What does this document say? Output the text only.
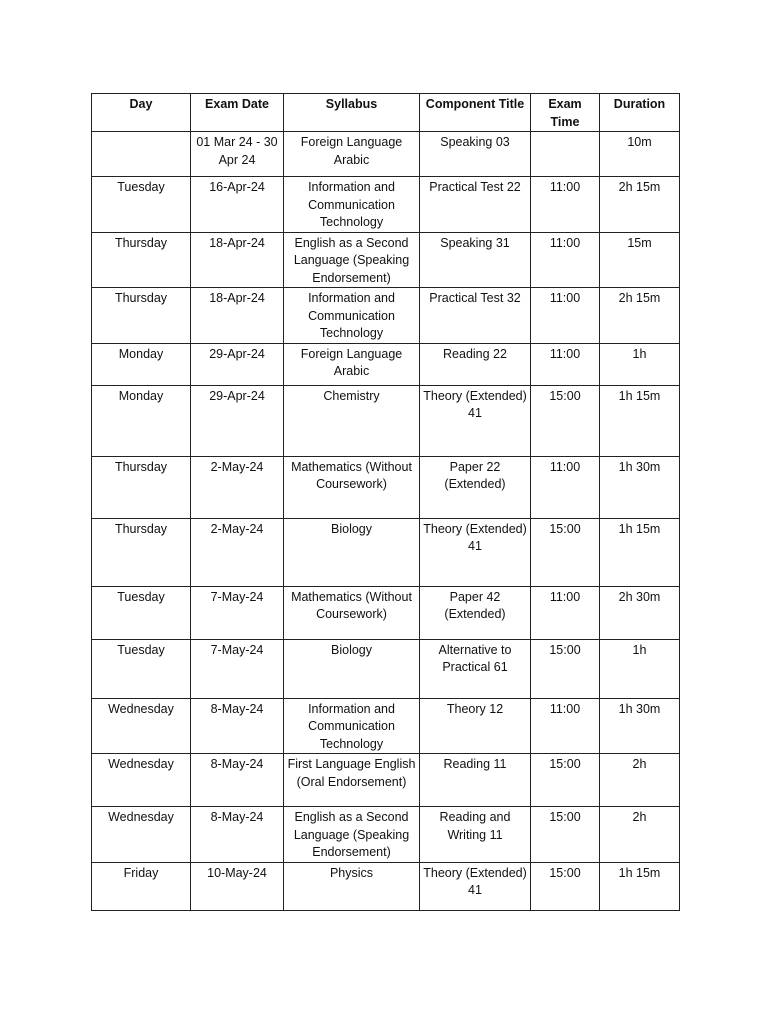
Day	Exam Date	Syllabus	Component Title	Exam Time	Duration
	01 Mar 24 - 30 Apr 24	Foreign Language Arabic	Speaking 03		10m
Tuesday	16-Apr-24	Information and Communication Technology	Practical Test 22	11:00	2h 15m
Thursday	18-Apr-24	English as a Second Language (Speaking Endorsement)	Speaking 31	11:00	15m
Thursday	18-Apr-24	Information and Communication Technology	Practical Test 32	11:00	2h 15m
Monday	29-Apr-24	Foreign Language Arabic	Reading 22	11:00	1h
Monday	29-Apr-24	Chemistry	Theory (Extended) 41	15:00	1h 15m
Thursday	2-May-24	Mathematics (Without Coursework)	Paper 22 (Extended)	11:00	1h 30m
Thursday	2-May-24	Biology	Theory (Extended) 41	15:00	1h 15m
Tuesday	7-May-24	Mathematics (Without Coursework)	Paper 42 (Extended)	11:00	2h 30m
Tuesday	7-May-24	Biology	Alternative to Practical 61	15:00	1h
Wednesday	8-May-24	Information and Communication Technology	Theory 12	11:00	1h 30m
Wednesday	8-May-24	First Language English (Oral Endorsement)	Reading 11	15:00	2h
Wednesday	8-May-24	English as a Second Language (Speaking Endorsement)	Reading and Writing 11	15:00	2h
Friday	10-May-24	Physics	Theory (Extended) 41	15:00	1h 15m
